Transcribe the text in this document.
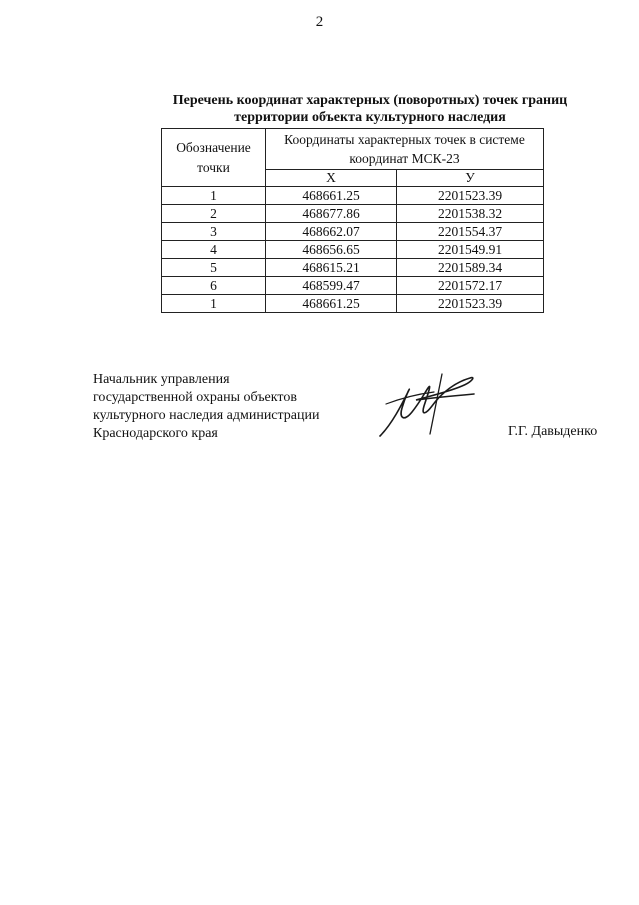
2
Перечень координат характерных (поворотных) точек границ
территории объекта культурного наследия
Обозначение точки	Координаты характерных точек в системе координат МСК-23	
	Х	У
1	468661.25	2201523.39
2	468677.86	2201538.32
3	468662.07	2201554.37
4	468656.65	2201549.91
5	468615.21	2201589.34
6	468599.47	2201572.17
1	468661.25	2201523.39
Начальник управления
государственной охраны объектов
культурного наследия администрации
Краснодарского края	Г.Г. Давыденко
